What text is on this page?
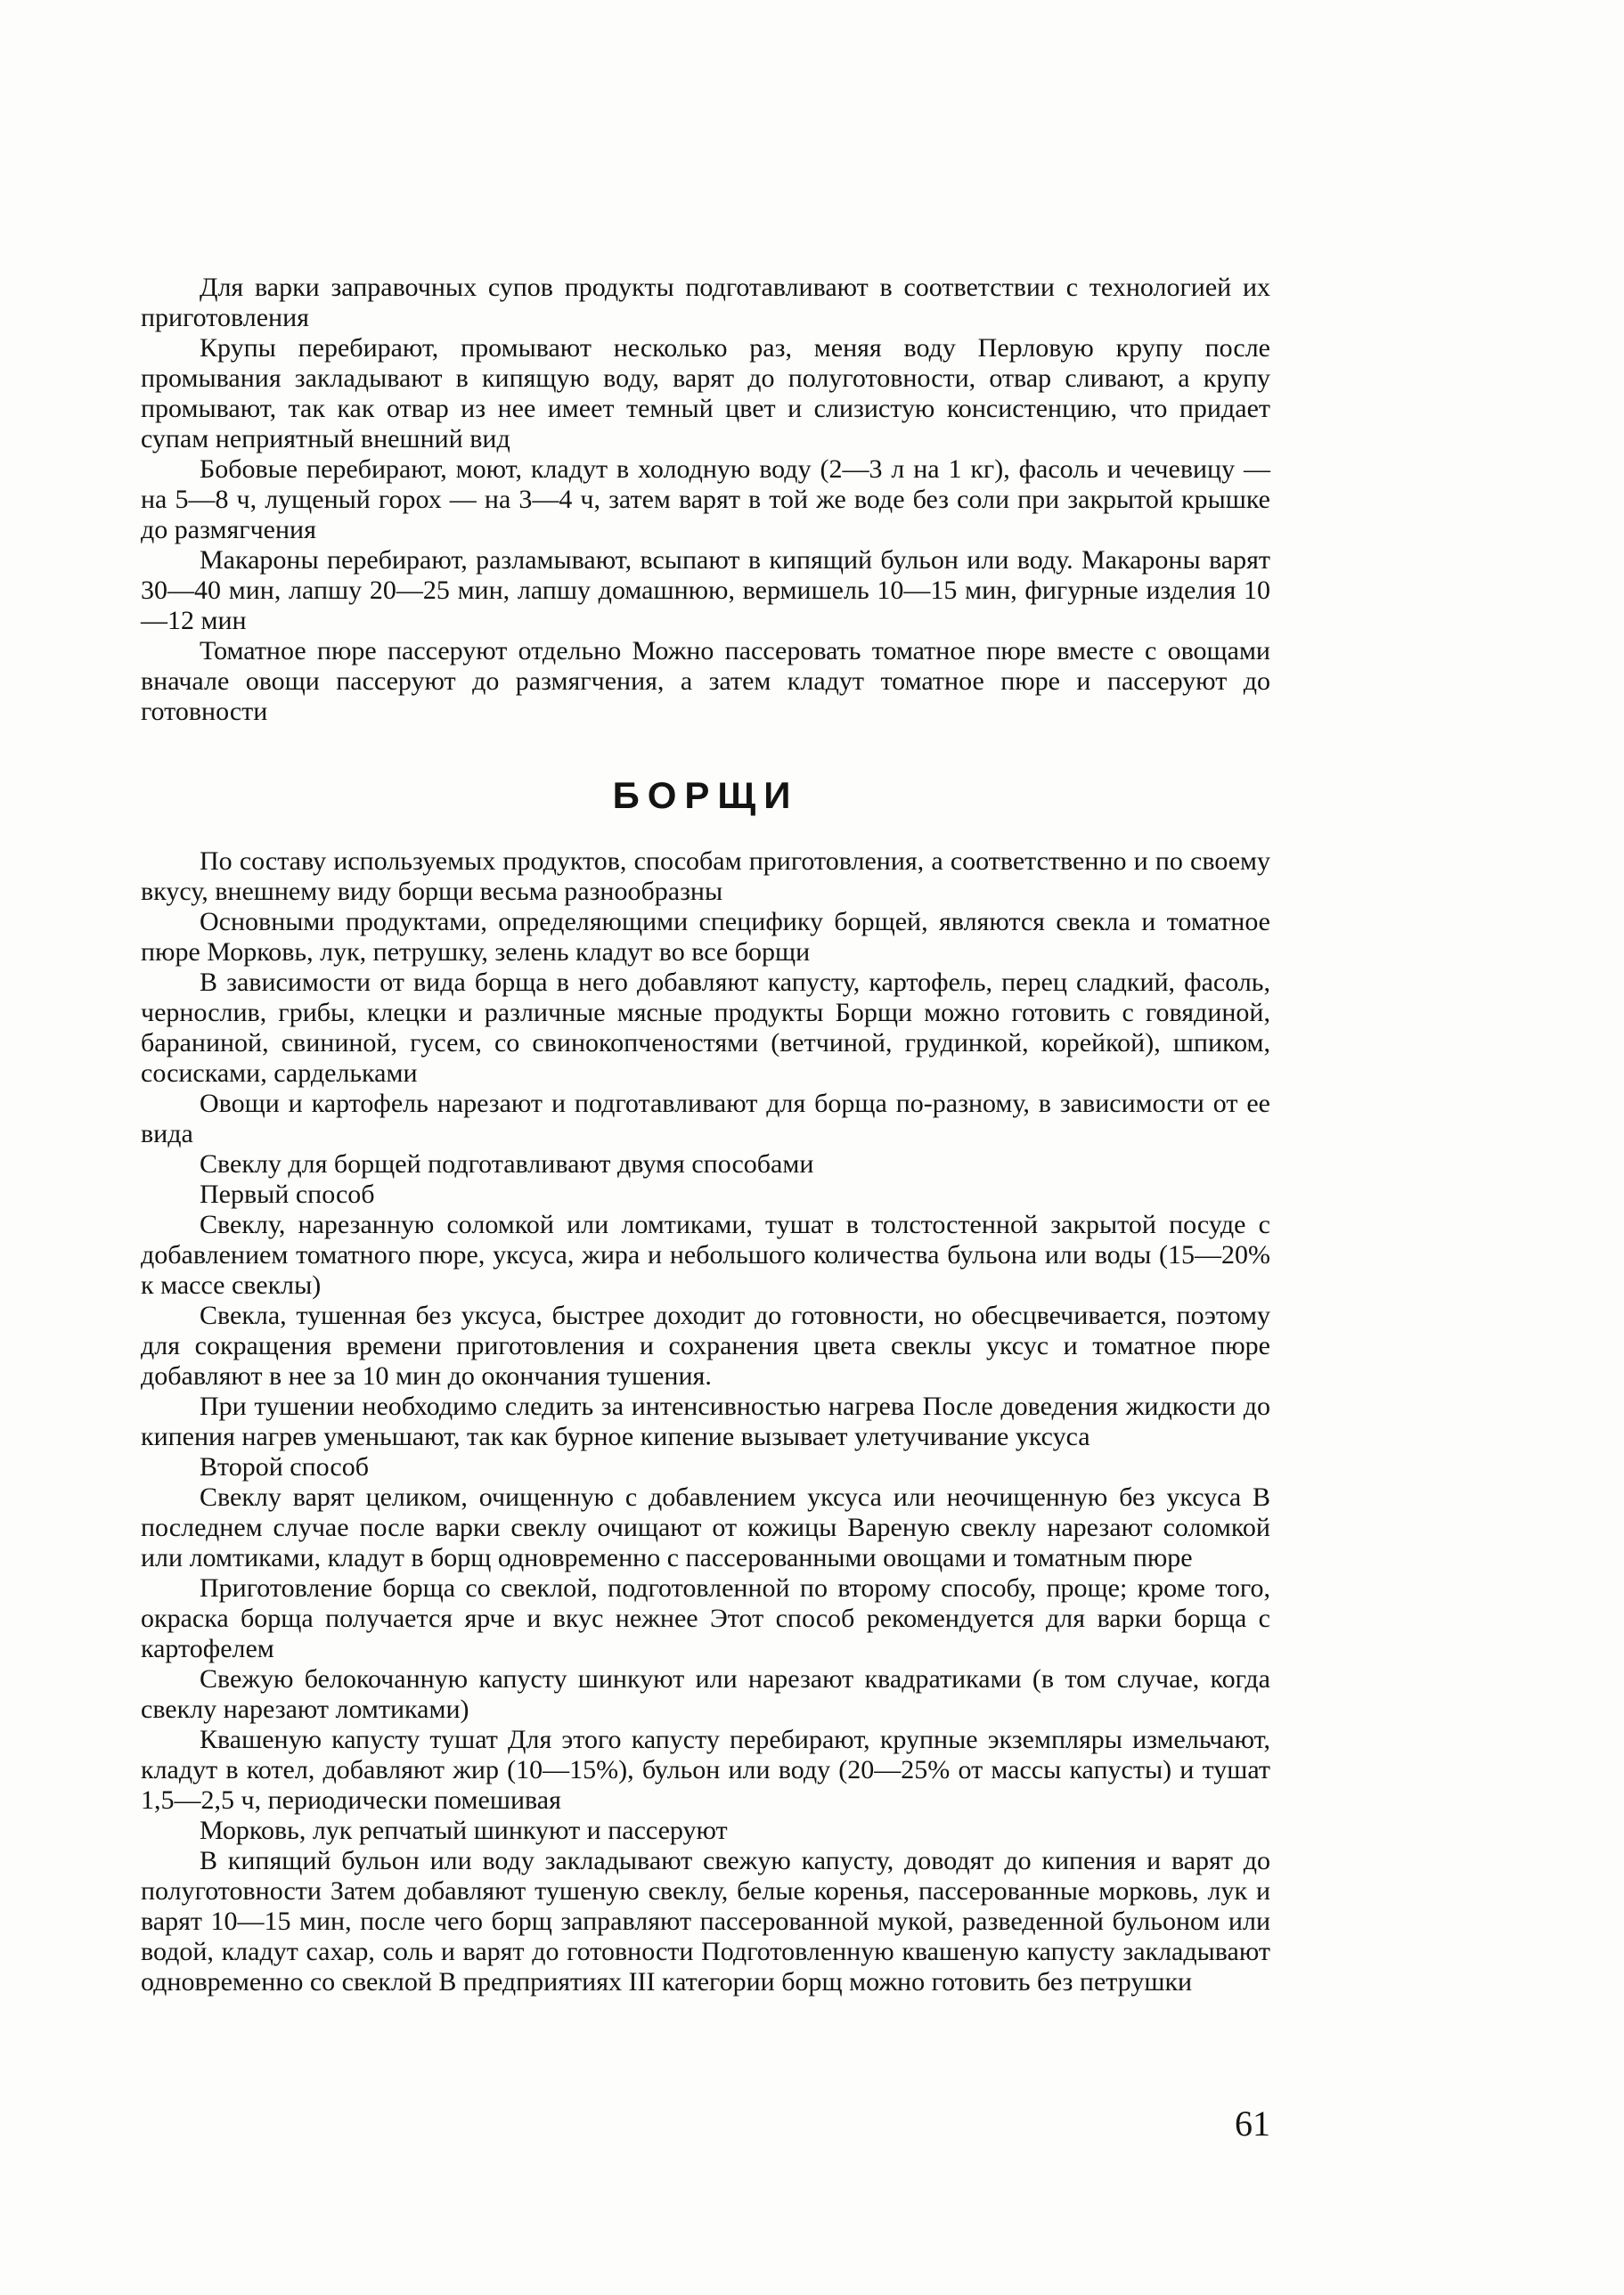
Для варки заправочных супов продукты подготавливают в соответствии с технологией их приготовления

Крупы перебирают, промывают несколько раз, меняя воду Перловую крупу после промывания закладывают в кипящую воду, варят до полуготовности, отвар сливают, а крупу промывают, так как отвар из нее имеет темный цвет и слизистую консистенцию, что придает супам неприятный внешний вид

Бобовые перебирают, моют, кладут в холодную воду (2—3 л на 1 кг), фасоль и чечевицу — на 5—8 ч, лущеный горох — на 3—4 ч, затем варят в той же воде без соли при закрытой крышке до размягчения

Макароны перебирают, разламывают, всыпают в кипящий бульон или воду. Макароны варят 30—40 мин, лапшу 20—25 мин, лапшу домашнюю, вермишель 10—15 мин, фигурные изделия 10—12 мин

Томатное пюре пассеруют отдельно Можно пассеровать томатное пюре вместе с овощами вначале овощи пассеруют до размягчения, а затем кладут томатное пюре и пассеруют до готовности

БОРЩИ

По составу используемых продуктов, способам приготовления, а соответственно и по своему вкусу, внешнему виду борщи весьма разнообразны

Основными продуктами, определяющими специфику борщей, являются свекла и томатное пюре Морковь, лук, петрушку, зелень кладут во все борщи

В зависимости от вида борща в него добавляют капусту, картофель, перец сладкий, фасоль, чернослив, грибы, клецки и различные мясные продукты Борщи можно готовить с говядиной, бараниной, свининой, гусем, со свинокопченостями (ветчиной, грудинкой, корейкой), шпиком, сосисками, сардельками

Овощи и картофель нарезают и подготавливают для борща по-разному, в зависимости от ее вида

Свеклу для борщей подготавливают двумя способами

Первый способ

Свеклу, нарезанную соломкой или ломтиками, тушат в толстостенной закрытой посуде с добавлением томатного пюре, уксуса, жира и небольшого количества бульона или воды (15—20% к массе свеклы)

Свекла, тушенная без уксуса, быстрее доходит до готовности, но обесцвечивается, поэтому для сокращения времени приготовления и сохранения цвета свеклы уксус и томатное пюре добавляют в нее за 10 мин до окончания тушения.

При тушении необходимо следить за интенсивностью нагрева После доведения жидкости до кипения нагрев уменьшают, так как бурное кипение вызывает улетучивание уксуса

Второй способ

Свеклу варят целиком, очищенную с добавлением уксуса или неочищенную без уксуса В последнем случае после варки свеклу очищают от кожицы Вареную свеклу нарезают соломкой или ломтиками, кладут в борщ одновременно с пассерованными овощами и томатным пюре

Приготовление борща со свеклой, подготовленной по второму способу, проще; кроме того, окраска борща получается ярче и вкус нежнее Этот способ рекомендуется для варки борща с картофелем

Свежую белокочанную капусту шинкуют или нарезают квадратиками (в том случае, когда свеклу нарезают ломтиками)

Квашеную капусту тушат Для этого капусту перебирают, крупные экземпляры измельчают, кладут в котел, добавляют жир (10—15%), бульон или воду (20—25% от массы капусты) и тушат 1,5—2,5 ч, периодически помешивая

Морковь, лук репчатый шинкуют и пассеруют

В кипящий бульон или воду закладывают свежую капусту, доводят до кипения и варят до полуготовности Затем добавляют тушеную свеклу, белые коренья, пассерованные морковь, лук и варят 10—15 мин, после чего борщ заправляют пассерованной мукой, разведенной бульоном или водой, кладут сахар, соль и варят до готовности Подготовленную квашеную капусту закладывают одновременно со свеклой В предприятиях III категории борщ можно готовить без петрушки

61
